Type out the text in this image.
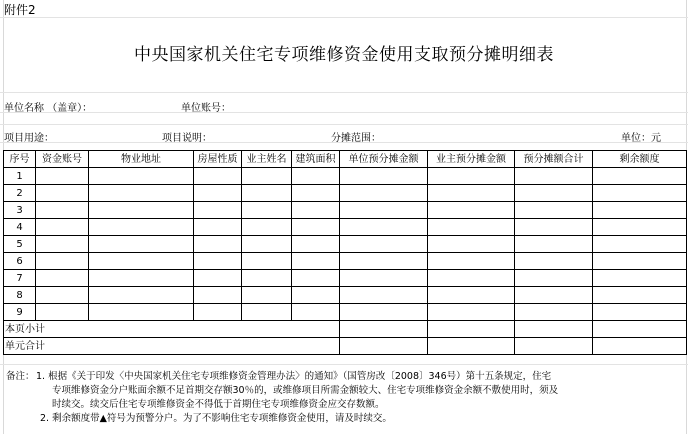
附件2
中央国家机关住宅专项维修资金使用支取预分摊明细表
单位名称 （盖章）：	单位账号：
项目用途：	项目说明：	分摊范围：	单位：元
序号	资金账号	物业地址	房屋性质	业主姓名	建筑面积	单位预分摊金额	业主预分摊金额	预分摊额合计	剩余额度
1									
2									
3									
4									
5									
6									
7									
8									
9									
本页小计									
单元合计									
备注： 1. 根据《关于印发〈中央国家机关住宅专项维修资金管理办法〉的通知》（国管房改〔2008〕346号）第十五条规定，住宅
专项维修资金分户账面余额不足首期交存额30％的，或维修项目所需金额较大、住宅专项维修资金余额不敷使用时，须及
时续交。续交后住宅专项维修资金不得低于首期住宅专项维修资金应交存数额。
2. 剩余额度带▲符号为预警分户。为了不影响住宅专项维修资金使用，请及时续交。
